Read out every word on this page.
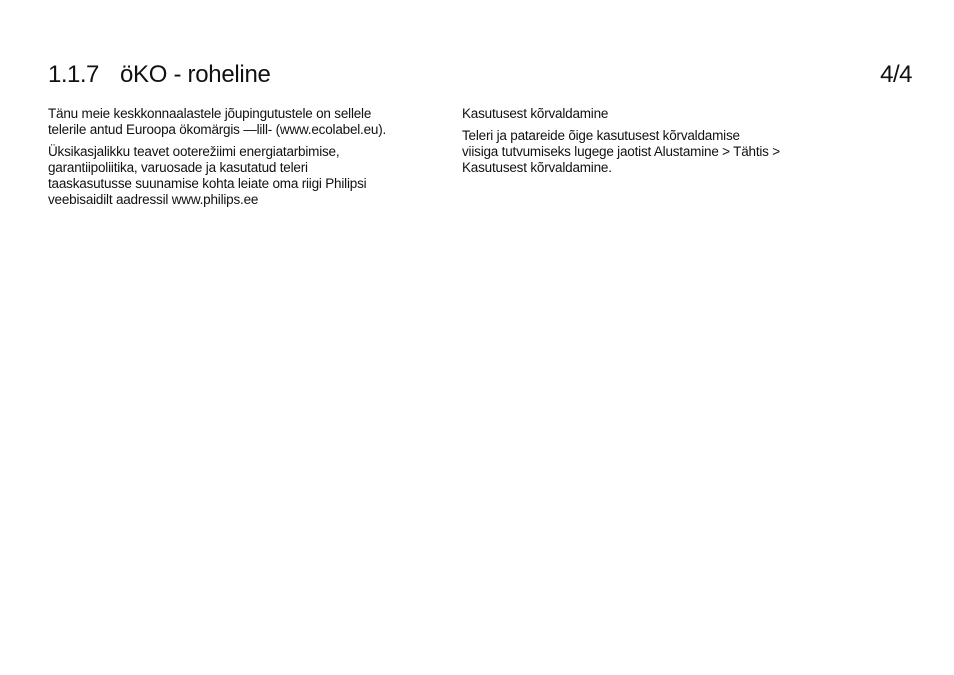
1.1.7 öKO - roheline	4/4

Tänu meie keskkonnaalastele jõupingutustele on sellele
telerile antud Euroopa ökomärgis —lill- (www.ecolabel.eu).

Üksikasjalikku teavet ooterežiimi energiatarbimise,
garantiipoliitika, varuosade ja kasutatud teleri
taaskasutusse suunamise kohta leiate oma riigi Philipsi
veebisaidilt aadressil www.philips.ee

Kasutusest kõrvaldamine

Teleri ja patareide õige kasutusest kõrvaldamise
viisiga tutvumiseks lugege jaotist Alustamine > Tähtis >
Kasutusest kõrvaldamine.
